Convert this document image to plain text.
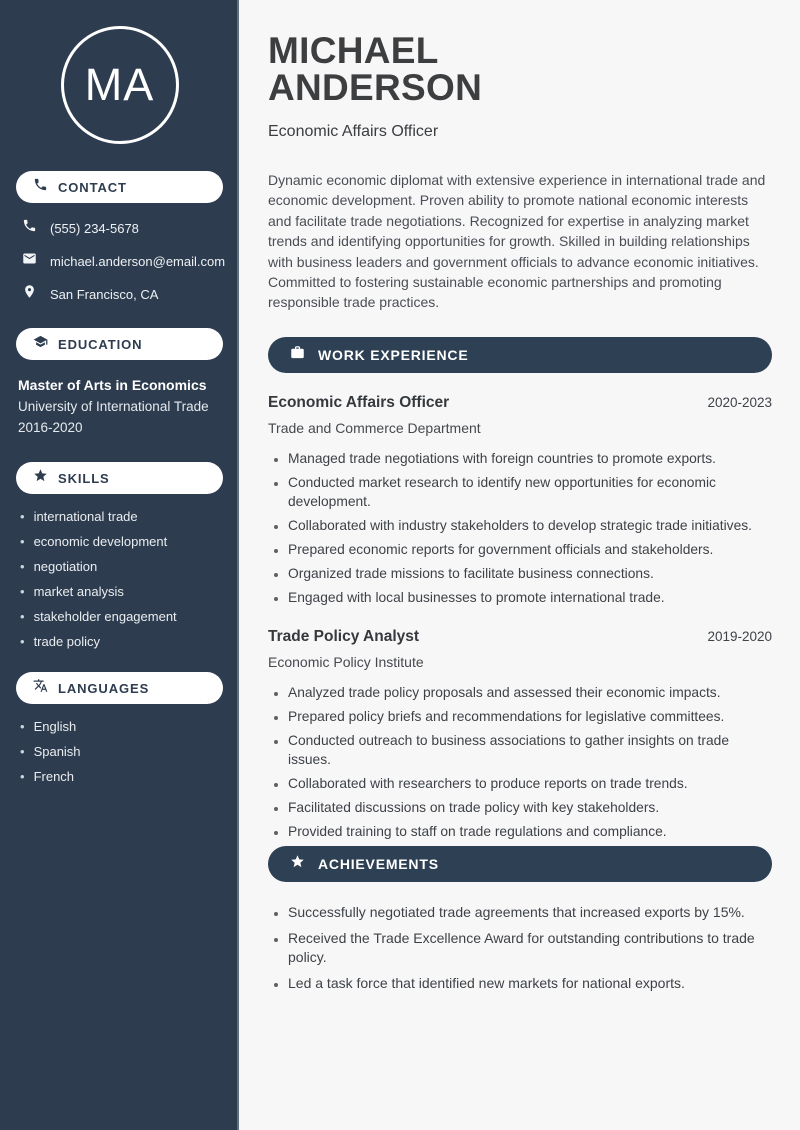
MA
CONTACT
(555) 234-5678
michael.anderson@email.com
San Francisco, CA
EDUCATION
Master of Arts in Economics
University of International Trade
2016-2020
SKILLS
• international trade
• economic development
• negotiation
• market analysis
• stakeholder engagement
• trade policy
LANGUAGES
• English
• Spanish
• French
MICHAEL
ANDERSON
Economic Affairs Officer

Dynamic economic diplomat with extensive experience in international trade and economic development. Proven ability to promote national economic interests and facilitate trade negotiations. Recognized for expertise in analyzing market trends and identifying opportunities for growth. Skilled in building relationships with business leaders and government officials to advance economic initiatives. Committed to fostering sustainable economic partnerships and promoting responsible trade practices.

WORK EXPERIENCE
Economic Affairs Officer	2020-2023
Trade and Commerce Department
• Managed trade negotiations with foreign countries to promote exports.
• Conducted market research to identify new opportunities for economic development.
• Collaborated with industry stakeholders to develop strategic trade initiatives.
• Prepared economic reports for government officials and stakeholders.
• Organized trade missions to facilitate business connections.
• Engaged with local businesses to promote international trade.
Trade Policy Analyst	2019-2020
Economic Policy Institute
• Analyzed trade policy proposals and assessed their economic impacts.
• Prepared policy briefs and recommendations for legislative committees.
• Conducted outreach to business associations to gather insights on trade issues.
• Collaborated with researchers to produce reports on trade trends.
• Facilitated discussions on trade policy with key stakeholders.
• Provided training to staff on trade regulations and compliance.
ACHIEVEMENTS
• Successfully negotiated trade agreements that increased exports by 15%.
• Received the Trade Excellence Award for outstanding contributions to trade policy.
• Led a task force that identified new markets for national exports.
